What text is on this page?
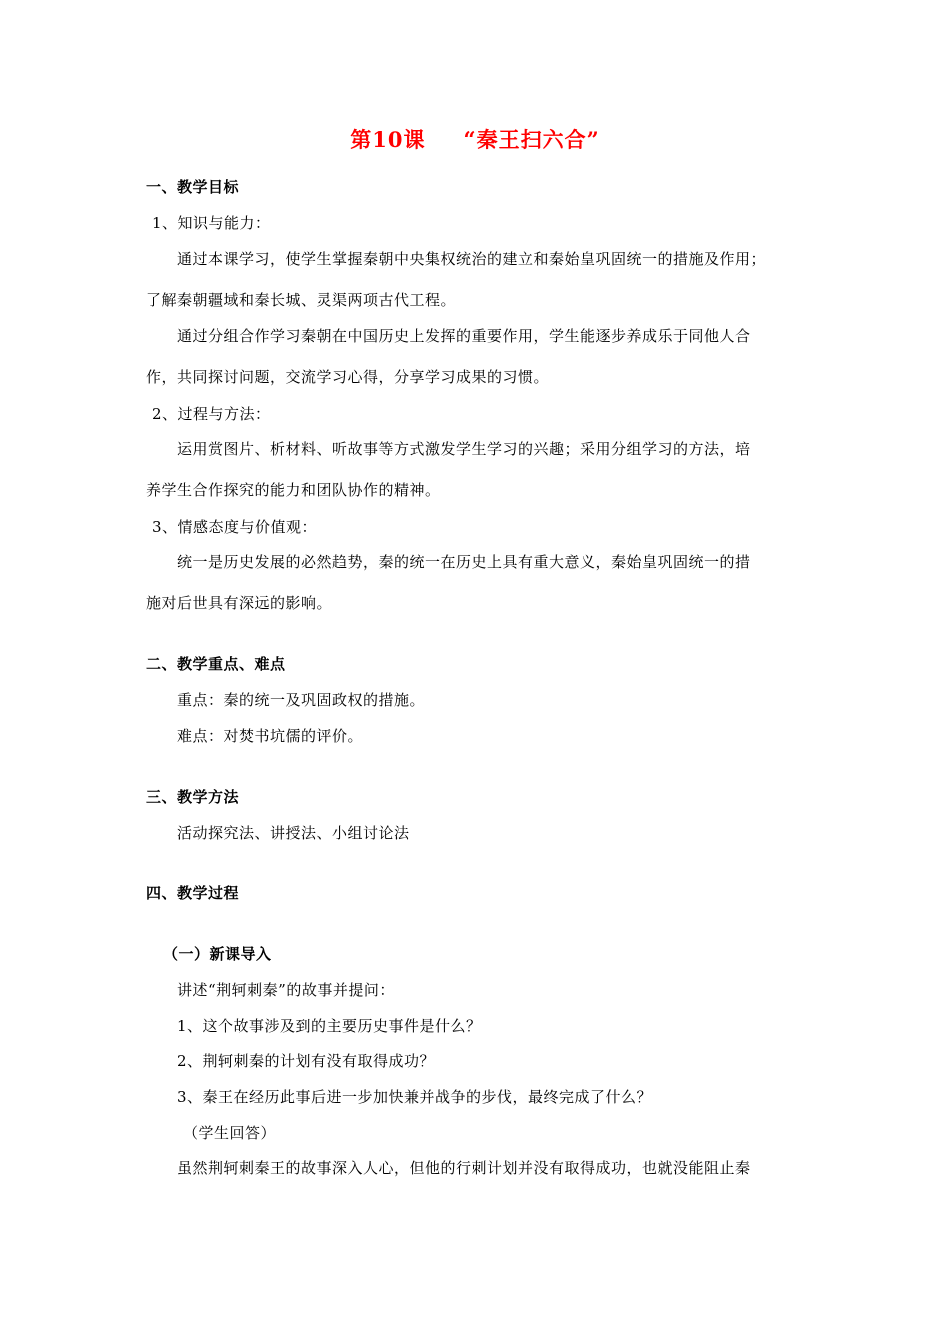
第10课 “秦王扫六合”
一、教学目标
1、知识与能力：
通过本课学习，使学生掌握秦朝中央集权统治的建立和秦始皇巩固统一的措施及作用；
了解秦朝疆域和秦长城、灵渠两项古代工程。
通过分组合作学习秦朝在中国历史上发挥的重要作用，学生能逐步养成乐于同他人合
作，共同探讨问题，交流学习心得，分享学习成果的习惯。
2、过程与方法：
运用赏图片、析材料、听故事等方式激发学生学习的兴趣；采用分组学习的方法，培
养学生合作探究的能力和团队协作的精神。
3、情感态度与价值观：
统一是历史发展的必然趋势，秦的统一在历史上具有重大意义，秦始皇巩固统一的措
施对后世具有深远的影响。
二、教学重点、难点
重点：秦的统一及巩固政权的措施。
难点：对焚书坑儒的评价。
三、教学方法
活动探究法、讲授法、小组讨论法
四、教学过程
（一）新课导入
讲述“荆轲刺秦”的故事并提问：
1、这个故事涉及到的主要历史事件是什么？
2、荆轲刺秦的计划有没有取得成功？
3、秦王在经历此事后进一步加快兼并战争的步伐，最终完成了什么？
（学生回答）
虽然荆轲刺秦王的故事深入人心，但他的行刺计划并没有取得成功，也就没能阻止秦
